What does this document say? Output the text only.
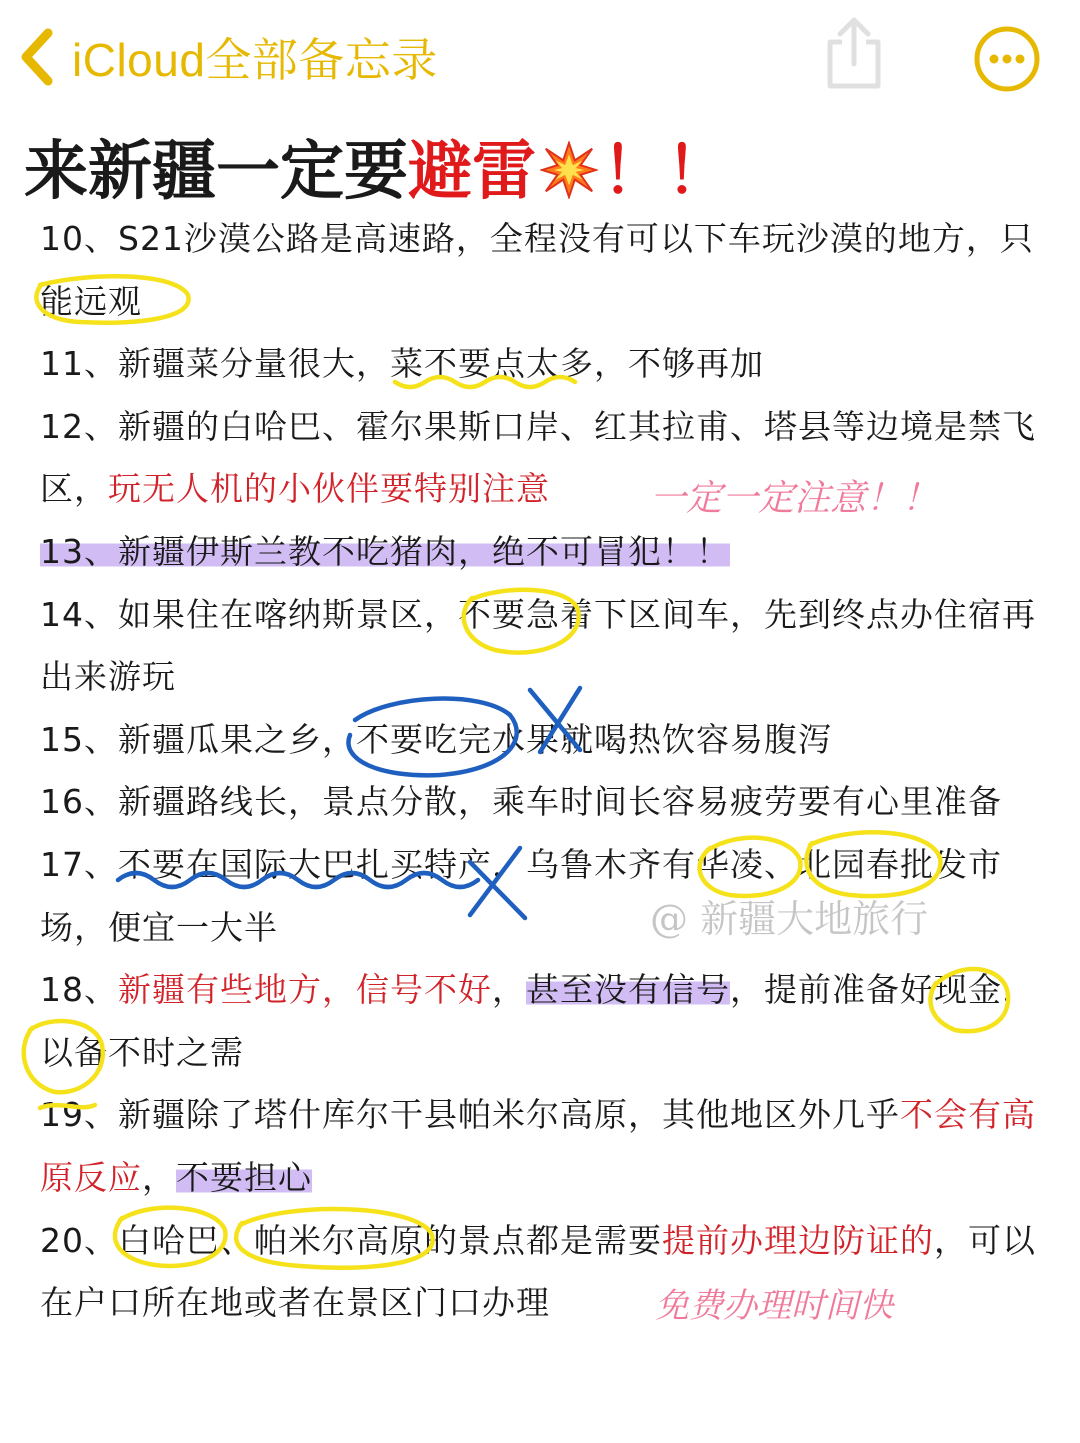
iCloud全部备忘录
来新疆一定要避雷 ！！

10、S21沙漠公路是高速路，全程没有可以下车玩沙漠的地方，只能远观

11、新疆菜分量很大，菜不要点太多，不够再加

12、新疆的白哈巴、霍尔果斯口岸、红其拉甫、塔县等边境是禁飞区，玩无人机的小伙伴要特别注意

13、新疆伊斯兰教不吃猪肉，绝不可冒犯！！

14、如果住在喀纳斯景区，不要急着下区间车，先到终点办住宿再出来游玩

15、新疆瓜果之乡，不要吃完水果就喝热饮容易腹泻

16、新疆路线长，景点分散，乘车时间长容易疲劳要有心里准备

17、不要在国际大巴扎买特产，乌鲁木齐有华凌、北园春批发市场，便宜一大半

18、新疆有些地方，信号不好，甚至没有信号，提前准备好现金，以备不时之需

19、新疆除了塔什库尔干县帕米尔高原，其他地区外几乎不会有高原反应，不要担心

20、白哈巴、帕米尔高原的景点都是需要提前办理边防证的，可以在户口所在地或者在景区门口办理

一定一定注意！！
免费办理时间快
@ 新疆大地旅行
